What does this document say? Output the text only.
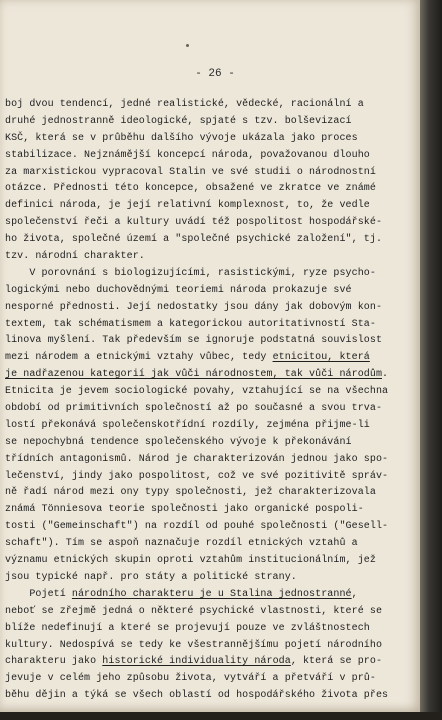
- 26 -
boj dvou tendencí, jedné realistické, vědecké, racionální a
druhé jednostranně ideologické, spjaté s tzv. bolševizací
KSČ, která se v průběhu dalšího vývoje ukázala jako proces
stabilizace. Nejznámější koncepcí národa, považovanou dlouho
za marxistickou vypracoval Stalin ve své studii o národnostní
otázce. Přednosti této koncepce, obsažené ve zkratce ve známé
definici národa, je její relativní komplexnost, to, že vedle
společenství řeči a kultury uvádí též pospolitost hospodářské-
ho života, společné území a "společné psychické založení", tj.
tzv. národní charakter.
V porovnání s biologizujícími, rasistickými, ryze psycho-
logickými nebo duchovědnými teoriemi národa prokazuje své
nesporné přednosti. Její nedostatky jsou dány jak dobovým kon-
textem, tak schématismem a kategorickou autoritativností Sta-
linova myšlení. Tak především se ignoruje podstatná souvislost
mezi národem a etnickými vztahy vůbec, tedy etnicitou, která
je nadřazenou kategorií jak vůči národnostem, tak vůči národům.
Etnicita je jevem sociologické povahy, vztahující se na všechna
období od primitivních společností až po současné a svou trva-
lostí překonává společenskotřídní rozdíly, zejména přijme-li
se nepochybná tendence společenského vývoje k překonávání
třídních antagonismů. Národ je charakterizován jednou jako spo-
lečenství, jindy jako pospolitost, což ve své pozitivitě správ-
ně řadí národ mezi ony typy společnosti, jež charakterizovala
známá Tönniesova teorie společnosti jako organické pospoli-
tosti ("Gemeinschaft") na rozdíl od pouhé společnosti ("Gesell-
schaft"). Tím se aspoň naznačuje rozdíl etnických vztahů a
významu etnických skupin oproti vztahům institucionálním, jež
jsou typické např. pro státy a politické strany.
Pojetí národního charakteru je u Stalina jednostranné,
neboť se zřejmě jedná o některé psychické vlastnosti, které se
blíže nedefinují a které se projevují pouze ve zvláštnostech
kultury. Nedospívá se tedy ke všestrannějšímu pojetí národního
charakteru jako historické individuality národa, která se pro-
jevuje v celém jeho způsobu života, vytváří a přetváří v prů-
běhu dějin a týká se všech oblastí od hospodářského života přes
